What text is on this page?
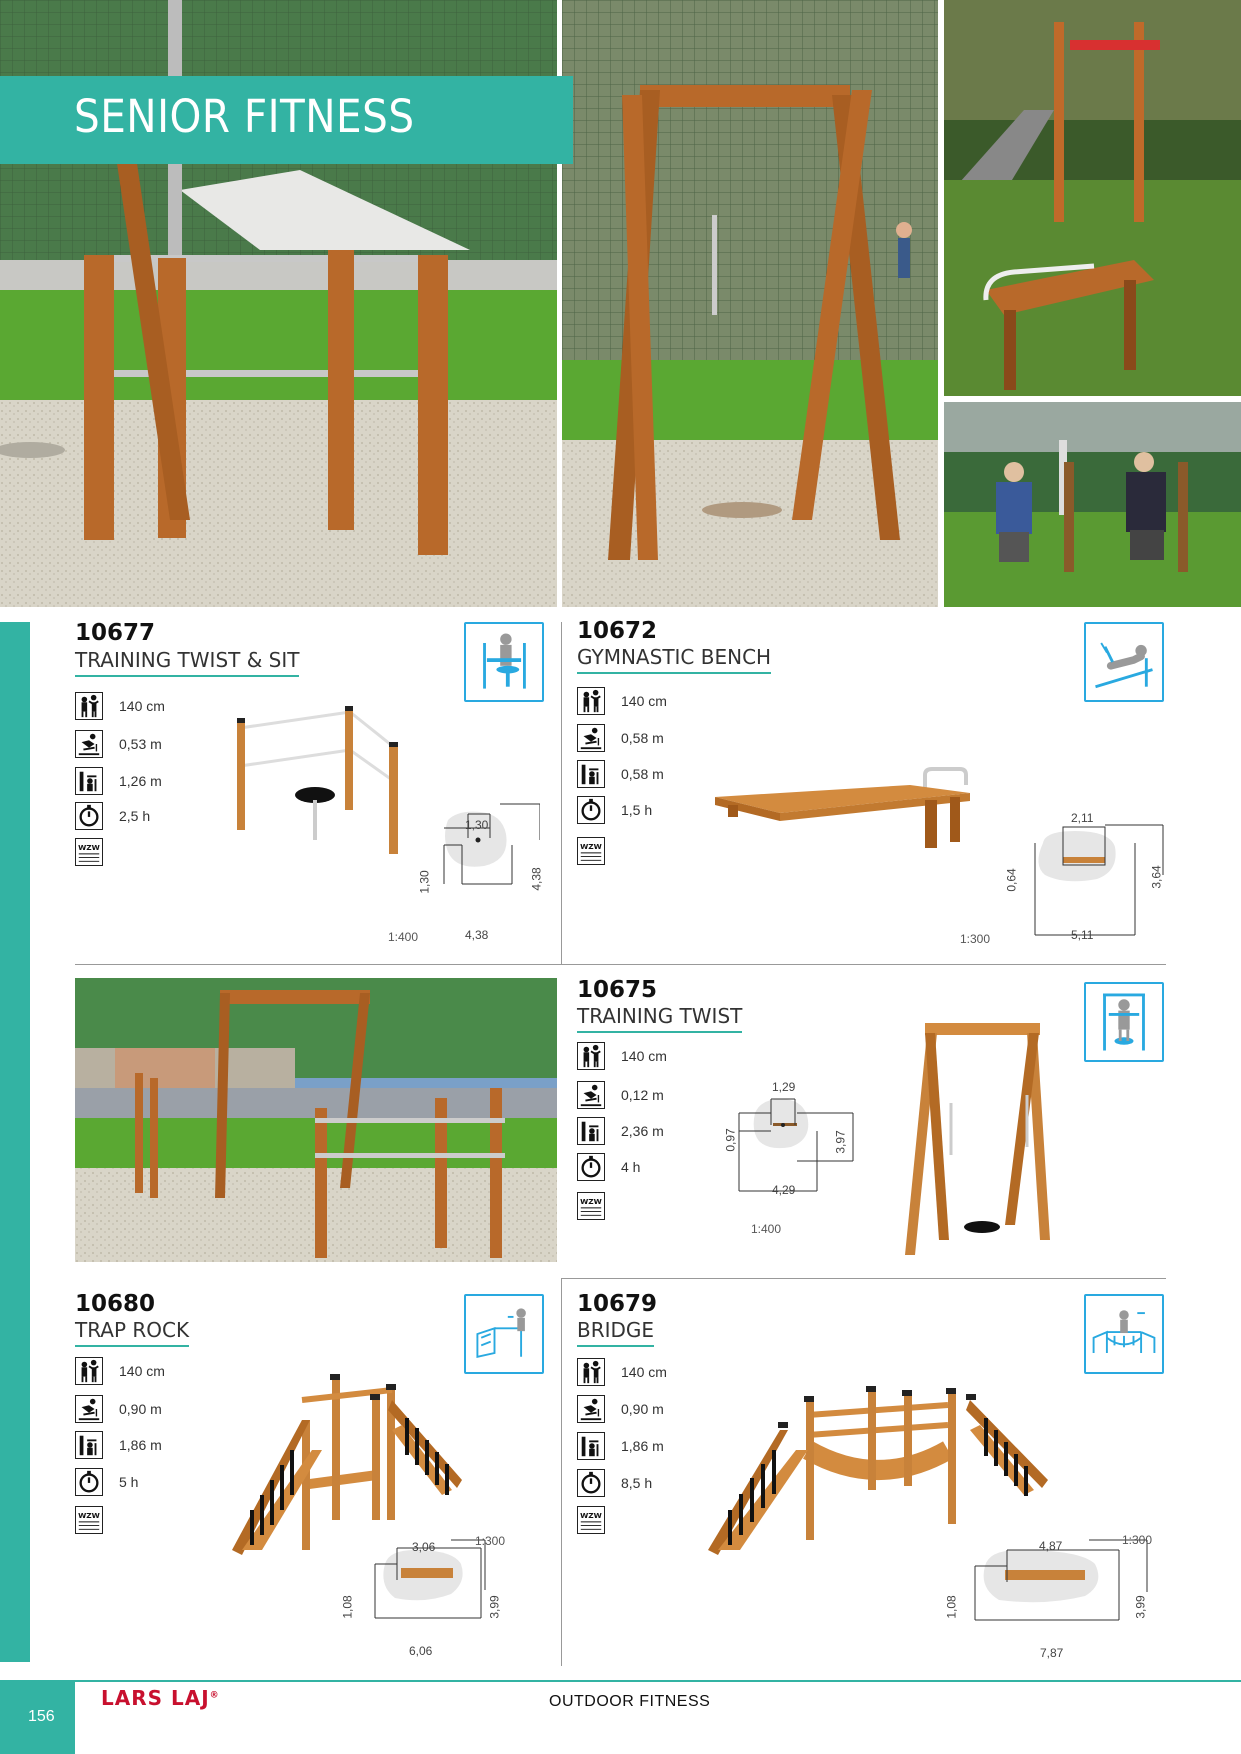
SENIOR FITNESS
10677
TRAINING TWIST & SIT
140 cm
0,53 m
1,26 m
2,5 h
1,30
1,30	4,38
4,38
1:400
10672
GYMNASTIC BENCH
140 cm
0,58 m
0,58 m
1,5 h	2,11
0,64	3,64
5,11
1:300
10675
TRAINING TWIST
140 cm
0,12 m
2,36 m
4 h
1,29
0,97	3,97
4,29
1:400
10680
TRAP ROCK
140 cm
0,90 m
1,86 m
5 h
3,06
1,08	3,99
6,06
1:300
10679
BRIDGE
140 cm
0,90 m
1,86 m
8,5 h
4,87
1,08	3,99
7,87
1:300
156
LARS LAJ®	OUTDOOR FITNESS
